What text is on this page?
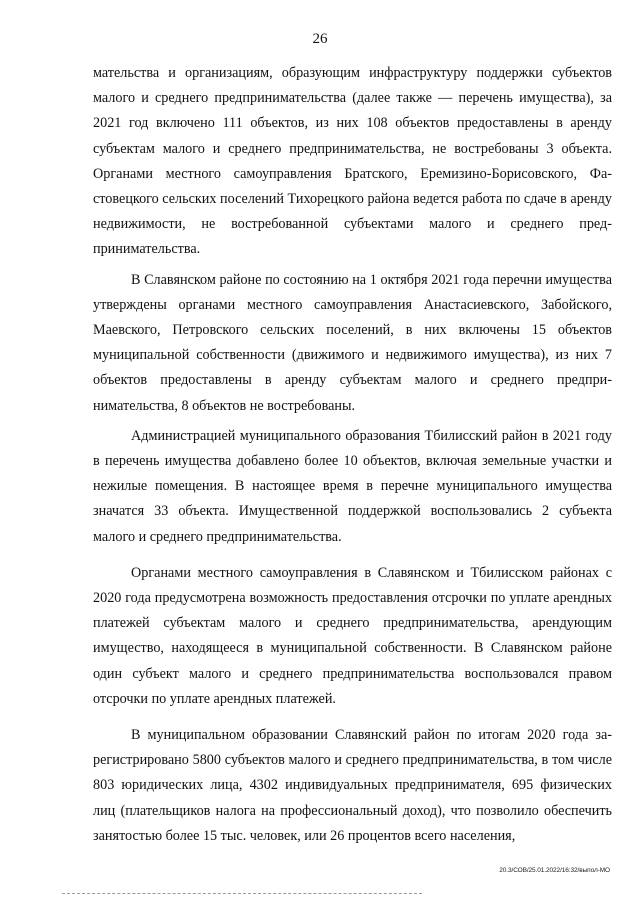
26

мательства и организациям, образующим инфраструктуру поддержки субъектов малого и среднего предпринимательства (далее также — перечень имущества), за 2021 год включено 111 объектов, из них 108 объектов предоставлены в аренду субъектам малого и среднего предпринимательства, не востребованы 3 объекта. Органами местного самоуправления Братского, Еремизино-Борисовского, Фастовецкого сельских поселений Тихорецкого района ведется работа по сдаче в аренду недвижимости, не востребованной субъектами малого и среднего предпринимательства.

В Славянском районе по состоянию на 1 октября 2021 года перечни имущества утверждены органами местного самоуправления Анастасиевского, Забойского, Маевского, Петровского сельских поселений, в них включены 15 объектов муниципальной собственности (движимого и недвижимого имущества), из них 7 объектов предоставлены в аренду субъектам малого и среднего предпринимательства, 8 объектов не востребованы.

Администрацией муниципального образования Тбилисский район в 2021 году в перечень имущества добавлено более 10 объектов, включая земельные участки и нежилые помещения. В настоящее время в перечне муниципального имущества значатся 33 объекта. Имущественной поддержкой воспользовались 2 субъекта малого и среднего предпринимательства.

Органами местного самоуправления в Славянском и Тбилисском районах с 2020 года предусмотрена возможность предоставления отсрочки по уплате арендных платежей субъектам малого и среднего предпринимательства, арендующим имущество, находящееся в муниципальной собственности. В Славянском районе один субъект малого и среднего предпринимательства воспользовался правом отсрочки по уплате арендных платежей.

В муниципальном образовании Славянский район по итогам 2020 года зарегистрировано 5800 субъектов малого и среднего предпринимательства, в том числе 803 юридических лица, 4302 индивидуальных предпринимателя, 695 физических лиц (плательщиков налога на профессиональный доход), что позволило обеспечить занятостью более 15 тыс. человек, или 26 процентов всего населения,

20.3/СОВ/25.01.2022/16:32/выпол-МО
